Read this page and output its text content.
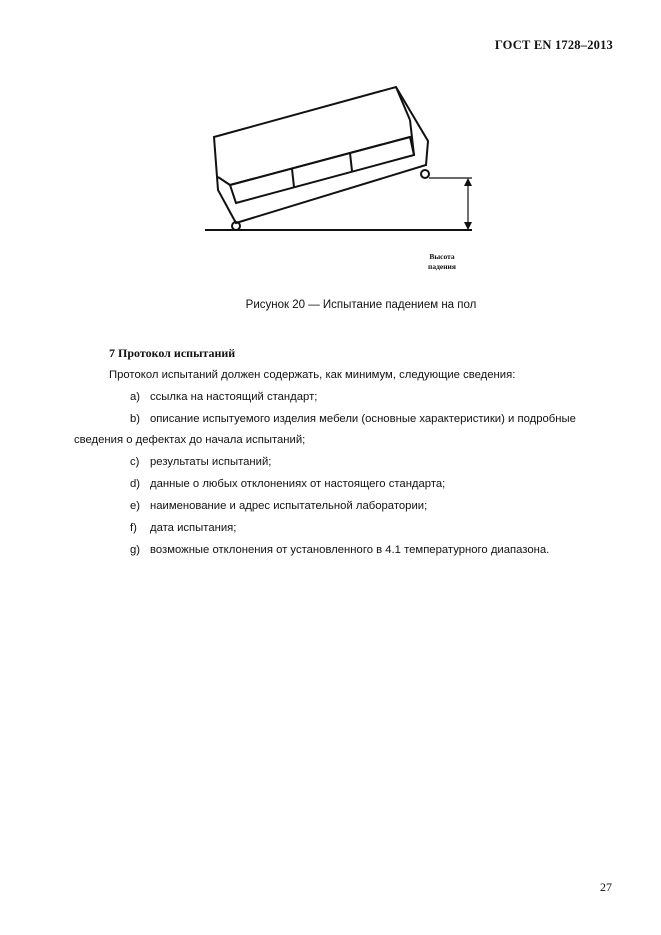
ГОСТ EN 1728–2013
Высота
падения
Рисунок 20 — Испытание падением на пол
7 Протокол испытаний
Протокол испытаний должен содержать, как минимум, следующие сведения:
a) ссылка на настоящий стандарт;
b) описание испытуемого изделия мебели (основные характеристики) и подробные
сведения о дефектах до начала испытаний;
c) результаты испытаний;
d) данные о любых отклонениях от настоящего стандарта;
e) наименование и адрес испытательной лаборатории;
f) дата испытания;
g) возможные отклонения от установленного в 4.1 температурного диапазона.
27
